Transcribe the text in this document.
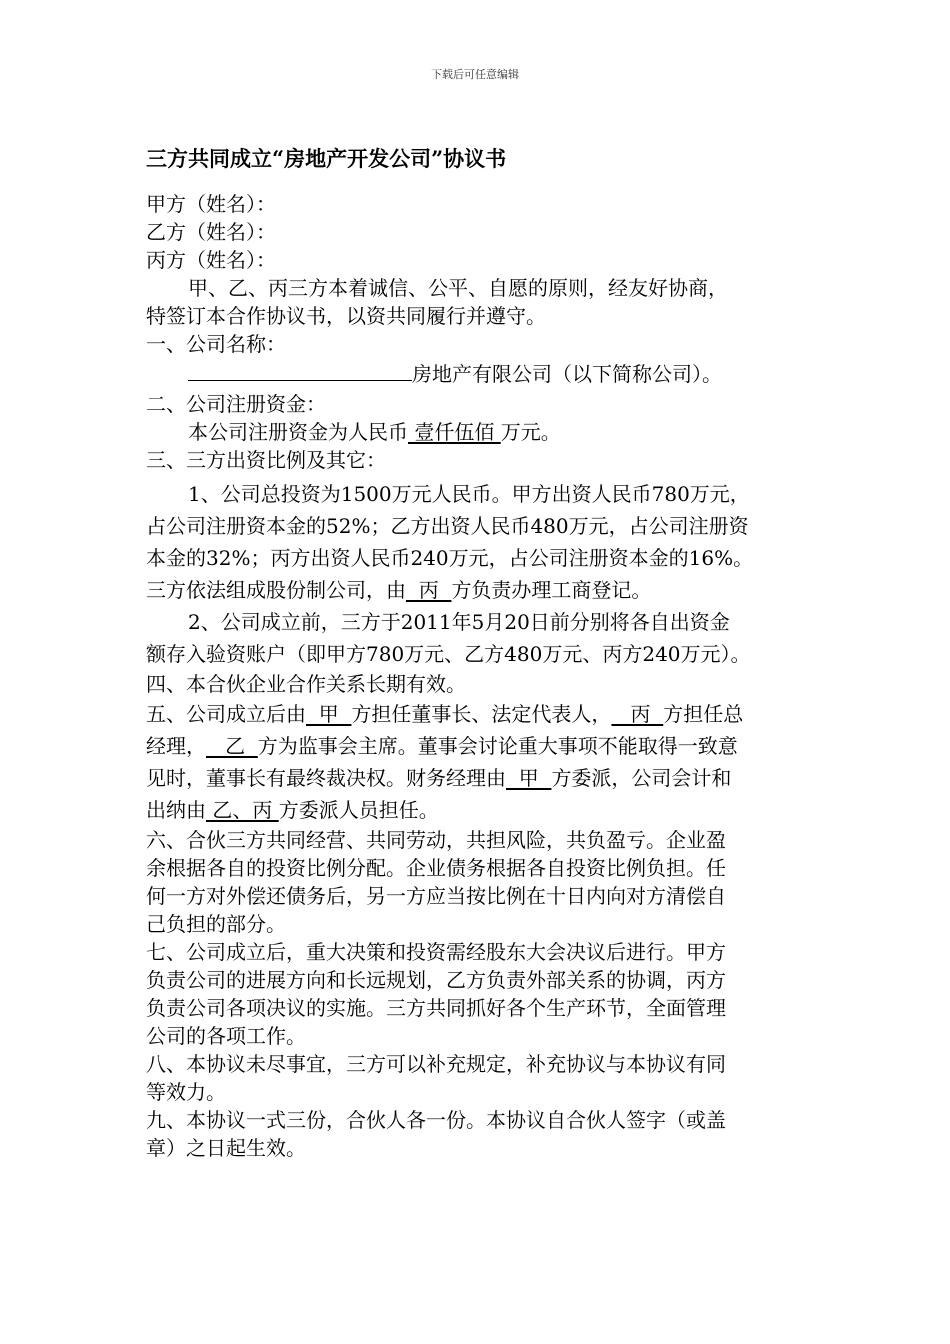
下载后可任意编辑
三方共同成立“房地产开发公司”协议书
甲方（姓名）：
乙方（姓名）：
丙方（姓名）：
甲、乙、丙三方本着诚信、公平、自愿的原则，经友好协商，
特签订本合作协议书，以资共同履行并遵守。
一、公司名称：
房地产有限公司（以下简称公司）。
二、公司注册资金：
本公司注册资金为人民币 壹仟伍佰 万元。
三、三方出资比例及其它：
1、公司总投资为1500万元人民币。甲方出资人民币780万元，
占公司注册资本金的52%；乙方出资人民币480万元，占公司注册资
本金的32%；丙方出资人民币240万元，占公司注册资本金的16%。
三方依法组成股份制公司，由  丙  方负责办理工商登记。
2、公司成立前，三方于2011年5月20日前分别将各自出资金
额存入验资账户（即甲方780万元、乙方480万元、丙方240万元）。
四、本合伙企业合作关系长期有效。
五、公司成立后由  甲  方担任董事长、法定代表人，   丙  方担任总
经理，   乙  方为监事会主席。董事会讨论重大事项不能取得一致意
见时，董事长有最终裁决权。财务经理由  甲  方委派，公司会计和
出纳由 乙、丙 方委派人员担任。
六、合伙三方共同经营、共同劳动，共担风险，共负盈亏。企业盈
余根据各自的投资比例分配。企业债务根据各自投资比例负担。任
何一方对外偿还债务后，另一方应当按比例在十日内向对方清偿自
己负担的部分。
七、公司成立后，重大决策和投资需经股东大会决议后进行。甲方
负责公司的进展方向和长远规划，乙方负责外部关系的协调，丙方
负责公司各项决议的实施。三方共同抓好各个生产环节，全面管理
公司的各项工作。
八、本协议未尽事宜，三方可以补充规定，补充协议与本协议有同
等效力。
九、本协议一式三份，合伙人各一份。本协议自合伙人签字（或盖
章）之日起生效。
